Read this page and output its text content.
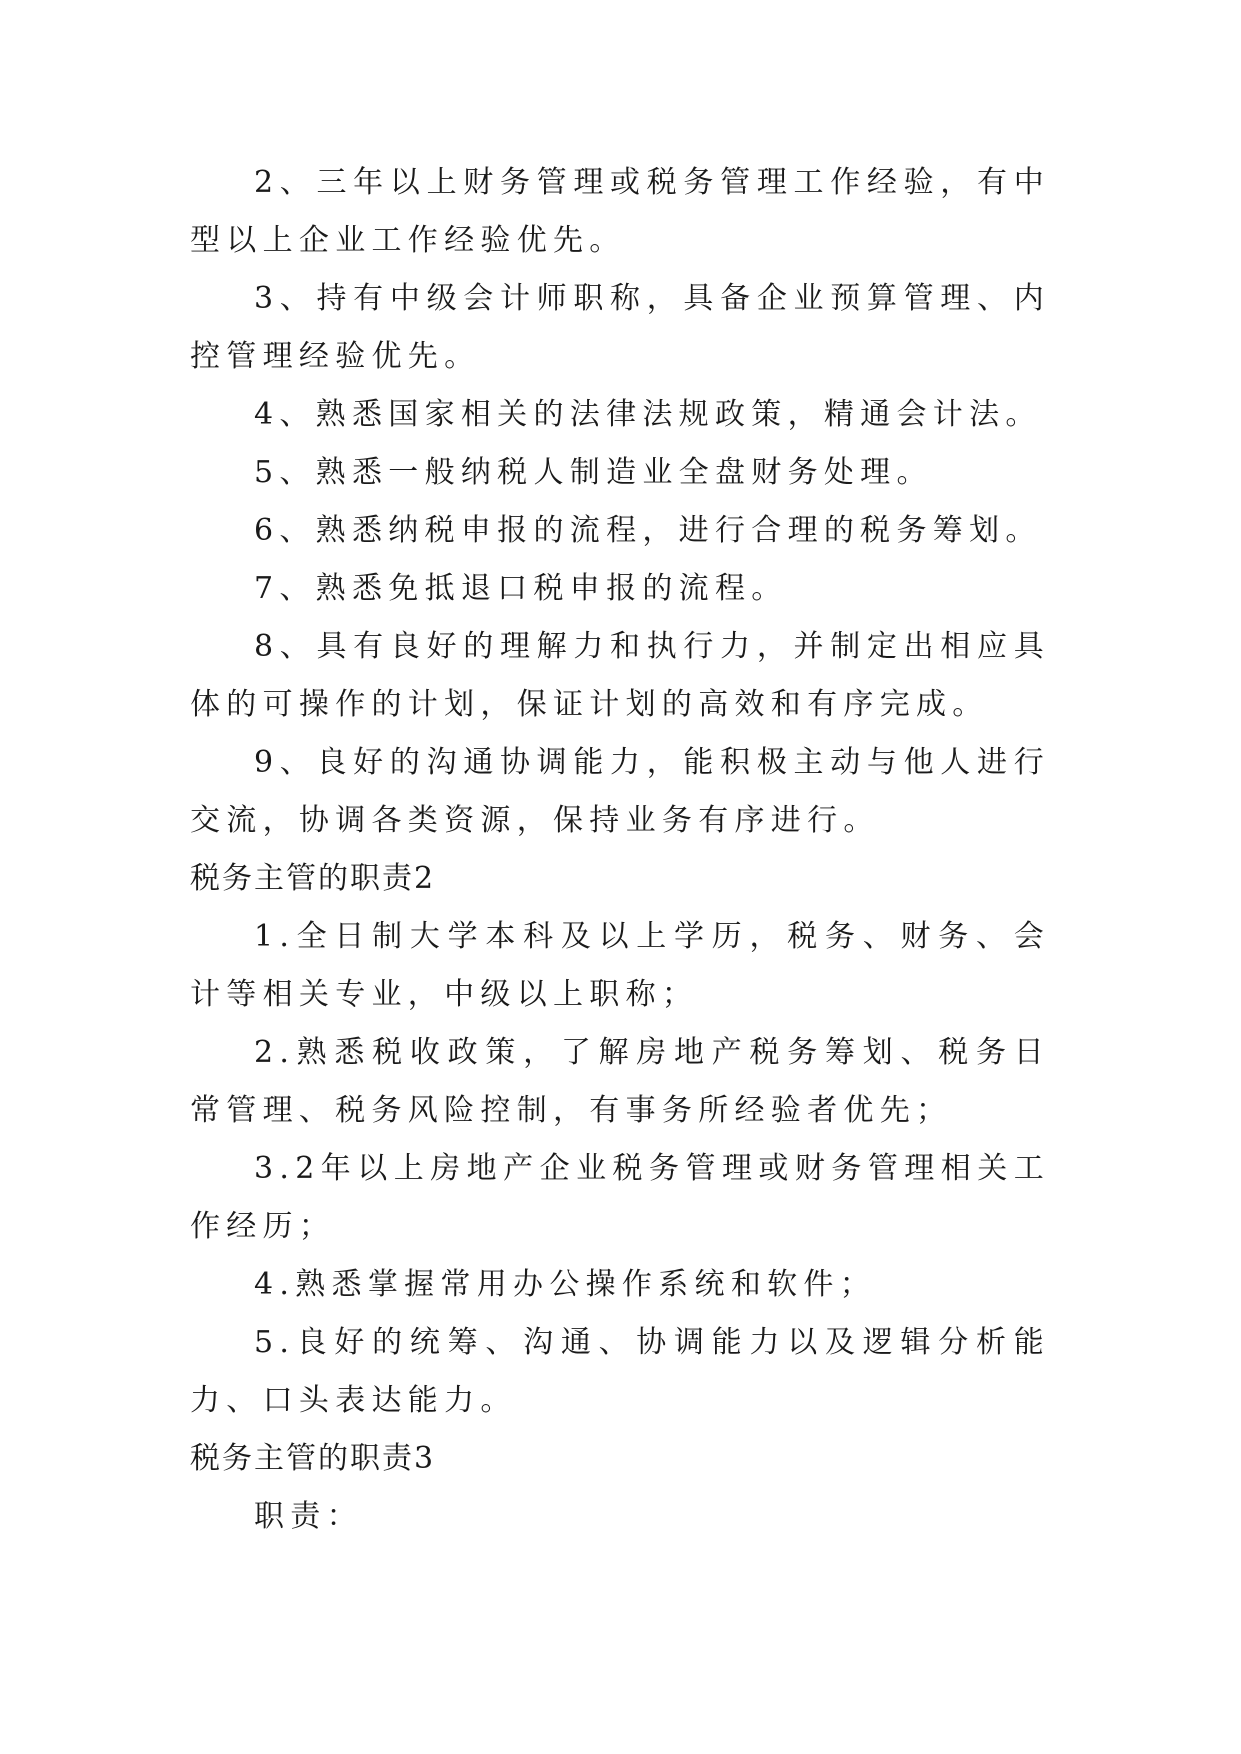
2、三年以上财务管理或税务管理工作经验，有中型以上企业工作经验优先。

3、持有中级会计师职称，具备企业预算管理、内控管理经验优先。

4、熟悉国家相关的法律法规政策，精通会计法。

5、熟悉一般纳税人制造业全盘财务处理。

6、熟悉纳税申报的流程，进行合理的税务筹划。

7、熟悉免抵退口税申报的流程。

8、具有良好的理解力和执行力，并制定出相应具体的可操作的计划，保证计划的高效和有序完成。

9、良好的沟通协调能力，能积极主动与他人进行交流，协调各类资源，保持业务有序进行。

税务主管的职责2

1.全日制大学本科及以上学历，税务、财务、会计等相关专业，中级以上职称；

2.熟悉税收政策，了解房地产税务筹划、税务日常管理、税务风险控制，有事务所经验者优先；

3.2年以上房地产企业税务管理或财务管理相关工作经历；

4.熟悉掌握常用办公操作系统和软件；

5.良好的统筹、沟通、协调能力以及逻辑分析能力、口头表达能力。

税务主管的职责3

职责：
